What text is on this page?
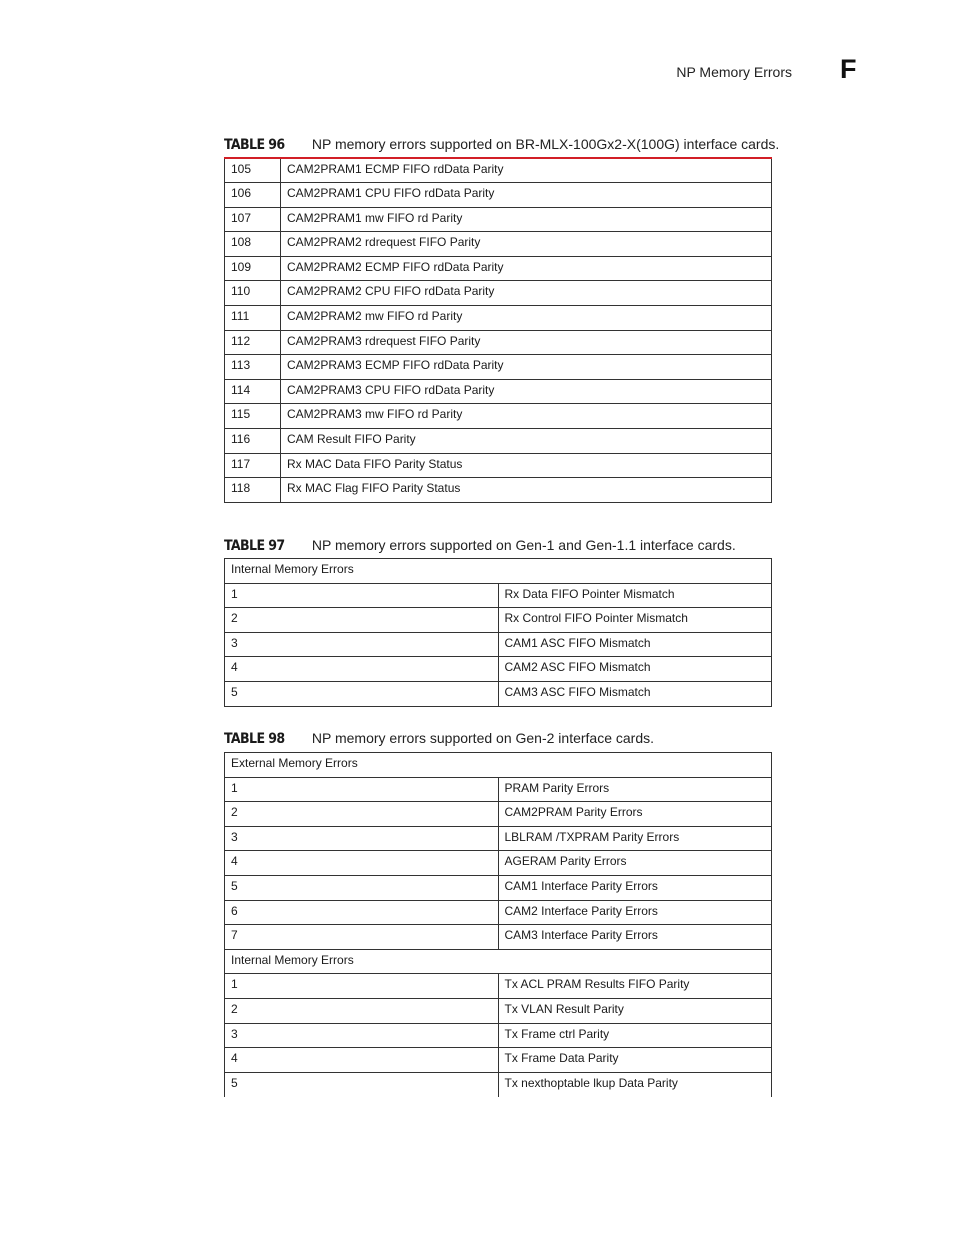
NP Memory Errors F
TABLE 96 NP memory errors supported on BR-MLX-100Gx2-X(100G) interface cards.
105	CAM2PRAM1 ECMP FIFO rdData Parity
106	CAM2PRAM1 CPU FIFO rdData Parity
107	CAM2PRAM1 mw FIFO rd Parity
108	CAM2PRAM2 rdrequest FIFO Parity
109	CAM2PRAM2 ECMP FIFO rdData Parity
110	CAM2PRAM2 CPU FIFO rdData Parity
111	CAM2PRAM2 mw FIFO rd Parity
112	CAM2PRAM3 rdrequest FIFO Parity
113	CAM2PRAM3 ECMP FIFO rdData Parity
114	CAM2PRAM3 CPU FIFO rdData Parity
115	CAM2PRAM3 mw FIFO rd Parity
116	CAM Result FIFO Parity
117	Rx MAC Data FIFO Parity Status
118	Rx MAC Flag FIFO Parity Status
TABLE 97 NP memory errors supported on Gen-1 and Gen-1.1 interface cards.
Internal Memory Errors	
1	Rx Data FIFO Pointer Mismatch
2	Rx Control FIFO Pointer Mismatch
3	CAM1 ASC FIFO Mismatch
4	CAM2 ASC FIFO Mismatch
5	CAM3 ASC FIFO Mismatch
TABLE 98 NP memory errors supported on Gen-2 interface cards.
External Memory Errors	
1	PRAM Parity Errors
2	CAM2PRAM Parity Errors
3	LBLRAM /TXPRAM Parity Errors
4	AGERAM Parity Errors
5	CAM1 Interface Parity Errors
6	CAM2 Interface Parity Errors
7	CAM3 Interface Parity Errors
Internal Memory Errors	
1	Tx ACL PRAM Results FIFO Parity
2	Tx VLAN Result Parity
3	Tx Frame ctrl Parity
4	Tx Frame Data Parity
5	Tx nexthoptable lkup Data Parity
